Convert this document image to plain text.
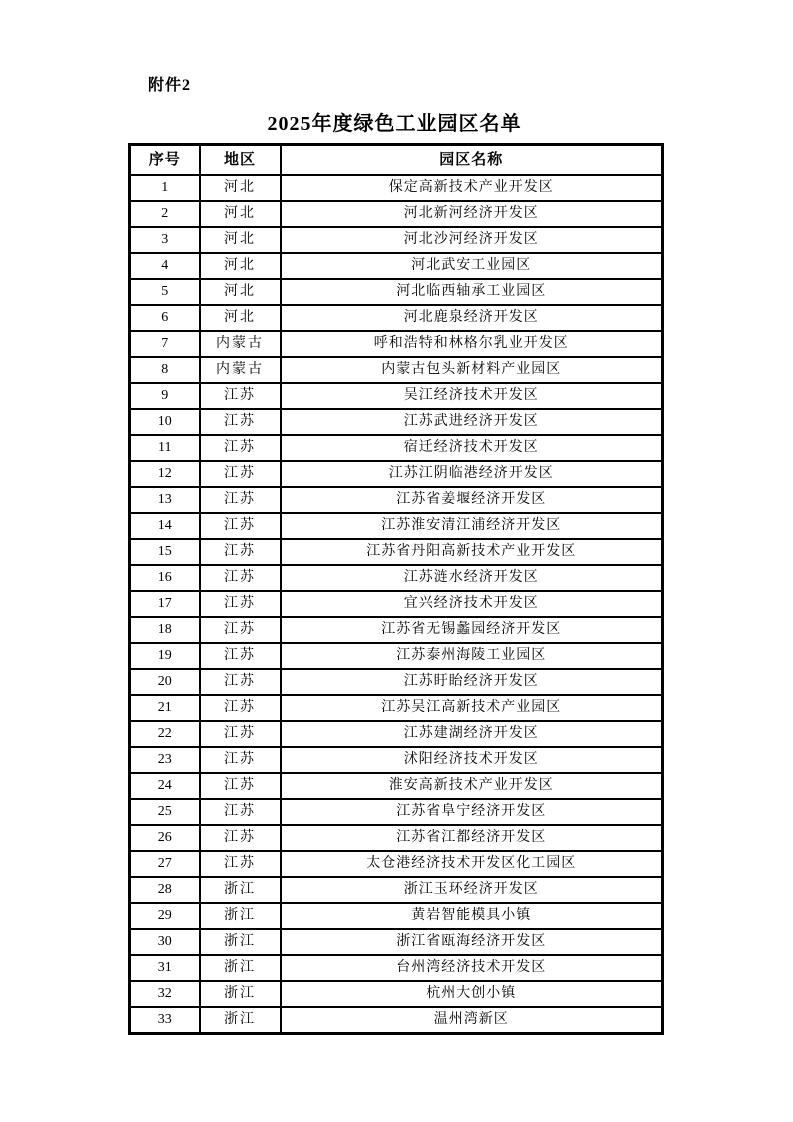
附件2
2025年度绿色工业园区名单
序号	地区	园区名称
1	河北	保定高新技术产业开发区
2	河北	河北新河经济开发区
3	河北	河北沙河经济开发区
4	河北	河北武安工业园区
5	河北	河北临西轴承工业园区
6	河北	河北鹿泉经济开发区
7	内蒙古	呼和浩特和林格尔乳业开发区
8	内蒙古	内蒙古包头新材料产业园区
9	江苏	吴江经济技术开发区
10	江苏	江苏武进经济开发区
11	江苏	宿迁经济技术开发区
12	江苏	江苏江阴临港经济开发区
13	江苏	江苏省姜堰经济开发区
14	江苏	江苏淮安清江浦经济开发区
15	江苏	江苏省丹阳高新技术产业开发区
16	江苏	江苏涟水经济开发区
17	江苏	宜兴经济技术开发区
18	江苏	江苏省无锡蠡园经济开发区
19	江苏	江苏泰州海陵工业园区
20	江苏	江苏盱眙经济开发区
21	江苏	江苏吴江高新技术产业园区
22	江苏	江苏建湖经济开发区
23	江苏	沭阳经济技术开发区
24	江苏	淮安高新技术产业开发区
25	江苏	江苏省阜宁经济开发区
26	江苏	江苏省江都经济开发区
27	江苏	太仓港经济技术开发区化工园区
28	浙江	浙江玉环经济开发区
29	浙江	黄岩智能模具小镇
30	浙江	浙江省瓯海经济开发区
31	浙江	台州湾经济技术开发区
32	浙江	杭州大创小镇
33	浙江	温州湾新区
